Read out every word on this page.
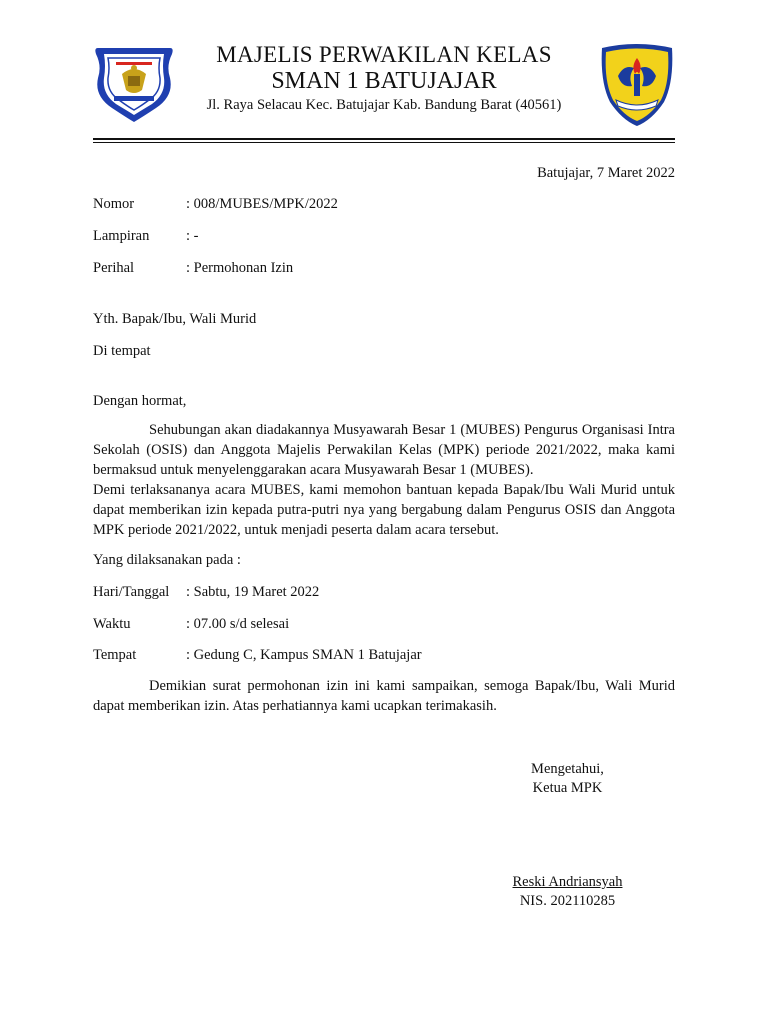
MAJELIS PERWAKILAN KELAS
SMAN 1 BATUJAJAR
Jl. Raya Selacau Kec. Batujajar Kab. Bandung Barat (40561)
Batujajar, 7 Maret 2022
Nomor	: 008/MUBES/MPK/2022
Lampiran	: -
Perihal	: Permohonan Izin
Yth. Bapak/Ibu, Wali Murid
Di tempat
Dengan hormat,
Sehubungan akan diadakannya Musyawarah Besar 1 (MUBES) Pengurus Organisasi Intra Sekolah (OSIS) dan Anggota Majelis Perwakilan Kelas (MPK) periode 2021/2022, maka kami bermaksud untuk menyelenggarakan acara Musyawarah Besar 1 (MUBES).
Demi terlaksananya acara MUBES, kami memohon bantuan kepada Bapak/Ibu Wali Murid untuk dapat memberikan izin kepada putra-putri nya yang bergabung dalam Pengurus OSIS dan Anggota MPK periode 2021/2022, untuk menjadi peserta dalam acara tersebut.
Yang dilaksanakan pada :
Hari/Tanggal : Sabtu, 19 Maret 2022
Waktu	: 07.00 s/d selesai
Tempat	: Gedung C, Kampus SMAN 1 Batujajar
Demikian surat permohonan izin ini kami sampaikan, semoga Bapak/Ibu, Wali Murid dapat memberikan izin. Atas perhatiannya kami ucapkan terimakasih.
Mengetahui,
Ketua MPK
Reski Andriansyah
NIS. 202110285
